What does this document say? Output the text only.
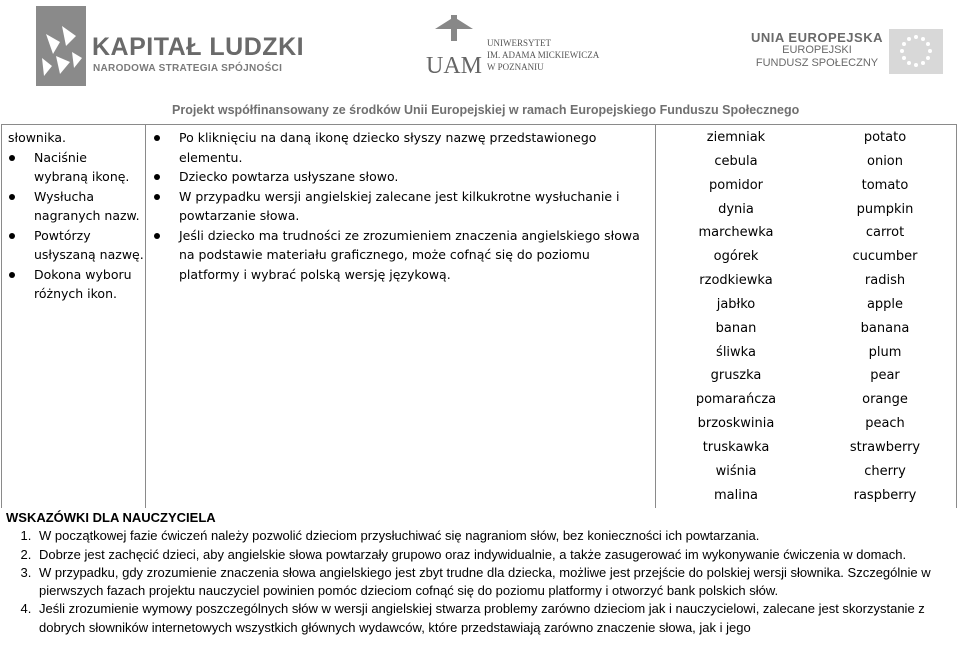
KAPITAŁ LUDZKI
NARODOWA STRATEGIA SPÓJNOŚCI	UAM
UNIWERSYTET
IM. ADAMA MICKIEWICZA
W POZNANIU
UNIA EUROPEJSKA
EUROPEJSKI
FUNDUSZ SPOŁECZNY
Projekt współfinansowany ze środków Unii Europejskiej w ramach Europejskiego Funduszu Społecznego
słownika.
Naciśnie
wybraną ikonę.
Wysłucha
nagranych nazw.
Powtórzy
usłyszaną nazwę.
Dokona wyboru
różnych ikon.
Po kliknięciu na daną ikonę dziecko słyszy nazwę przedstawionego elementu.
Dziecko powtarza usłyszane słowo.
W przypadku wersji angielskiej zalecane jest kilkukrotne wysłuchanie i powtarzanie słowa.
Jeśli dziecko ma trudności ze zrozumieniem znaczenia angielskiego słowa na podstawie materiału graficznego, może cofnąć się do poziomu platformy i wybrać polską wersję językową.
ziemniak	potato
cebula	onion
pomidor	tomato
dynia	pumpkin
marchewka	carrot
ogórek	cucumber
rzodkiewka	radish
jabłko	apple
banan	banana
śliwka	plum
gruszka	pear
pomarańcza	orange
brzoskwinia	peach
truskawka	strawberry
wiśnia	cherry
malina	raspberry
WSKAZÓWKI DLA NAUCZYCIELA
1. W początkowej fazie ćwiczeń należy pozwolić dzieciom przysłuchiwać się nagraniom słów, bez konieczności ich powtarzania.
2. Dobrze jest zachęcić dzieci, aby angielskie słowa powtarzały grupowo oraz indywidualnie, a także zasugerować im wykonywanie ćwiczenia w domach.
3. W przypadku, gdy zrozumienie znaczenia słowa angielskiego jest zbyt trudne dla dziecka, możliwe jest przejście do polskiej wersji słownika. Szczególnie w pierwszych fazach projektu nauczyciel powinien pomóc dzieciom cofnąć się do poziomu platformy i otworzyć bank polskich słów.
4. Jeśli zrozumienie wymowy poszczególnych słów w wersji angielskiej stwarza problemy zarówno dzieciom jak i nauczycielowi, zalecane jest skorzystanie z dobrych słowników internetowych wszystkich głównych wydawców, które przedstawiają zarówno znaczenie słowa, jak i jego
